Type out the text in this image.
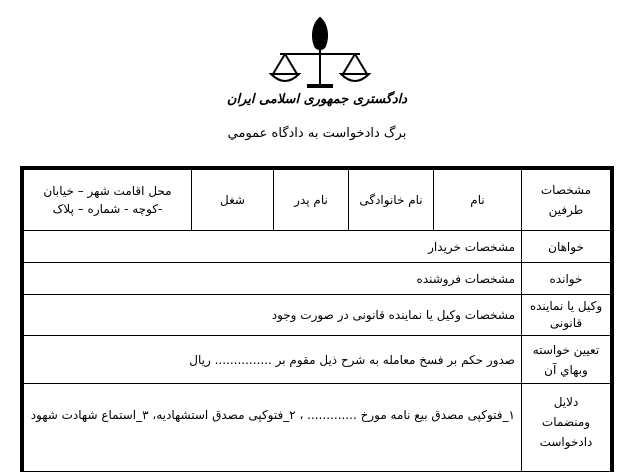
دادگستری جمهوری اسلامی ایران
برگ دادخواست به دادگاه عمومي
مشخصات طرفین	نام	نام خانوادگی	نام پدر	شغل	محل اقامت شهر – خیابان -کوچه - شماره – پلاک
خواهان	مشخصات خریدار				
خوانده	مشخصات فروشنده				
وکیل یا نماینده قانونی	مشخصات وکیل یا نماینده قانونی در صورت وجود				
تعیین خواسته وبهاي آن	صدور حکم بر فسخ معامله به شرح ذیل مقوم بر ............... ریال				
دلایل ومنضمات دادخواست	۱_فتوکپی مصدق بیع نامه مورخ ............. ، ۲_فتوکپی مصدق استشهادیه، ۳_استماع شهادت شهود				
